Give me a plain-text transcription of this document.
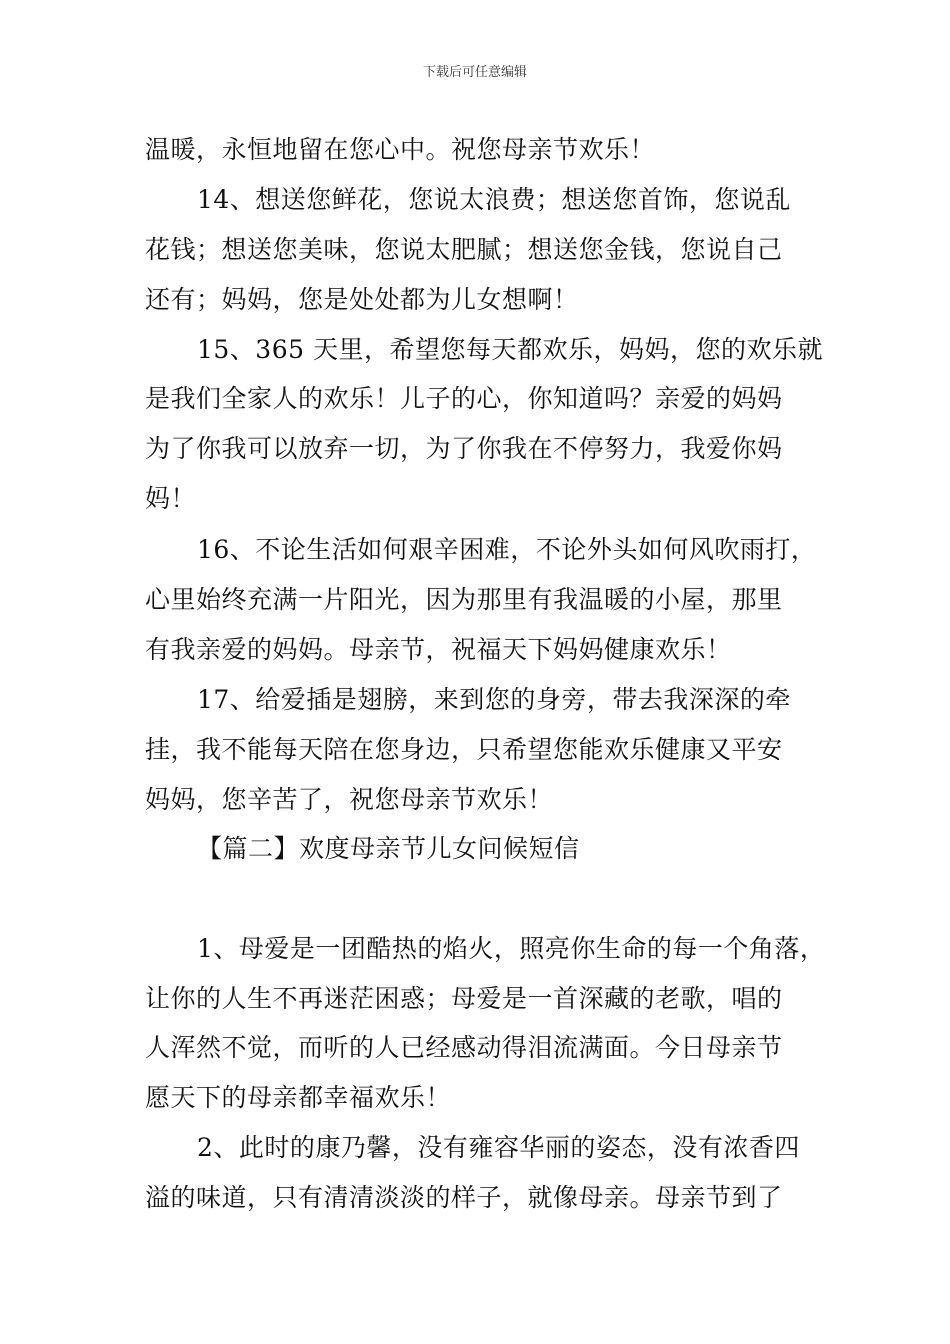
下载后可任意编辑
温暖，永恒地留在您心中。祝您母亲节欢乐！
14、想送您鲜花，您说太浪费；想送您首饰，您说乱
花钱；想送您美味，您说太肥腻；想送您金钱，您说自己
还有；妈妈，您是处处都为儿女想啊！
15、365 天里，希望您每天都欢乐，妈妈，您的欢乐就
是我们全家人的欢乐！儿子的心，你知道吗？亲爱的妈妈
为了你我可以放弃一切，为了你我在不停努力，我爱你妈
妈！
16、不论生活如何艰辛困难，不论外头如何风吹雨打，
心里始终充满一片阳光，因为那里有我温暖的小屋，那里
有我亲爱的妈妈。母亲节，祝福天下妈妈健康欢乐！
17、给爱插是翅膀，来到您的身旁，带去我深深的牵
挂，我不能每天陪在您身边，只希望您能欢乐健康又平安
妈妈，您辛苦了，祝您母亲节欢乐！
【篇二】欢度母亲节儿女问候短信
1、母爱是一团酷热的焰火，照亮你生命的每一个角落，
让你的人生不再迷茫困惑；母爱是一首深藏的老歌，唱的
人浑然不觉，而听的人已经感动得泪流满面。今日母亲节
愿天下的母亲都幸福欢乐！
2、此时的康乃馨，没有雍容华丽的姿态，没有浓香四
溢的味道，只有清清淡淡的样子，就像母亲。母亲节到了
